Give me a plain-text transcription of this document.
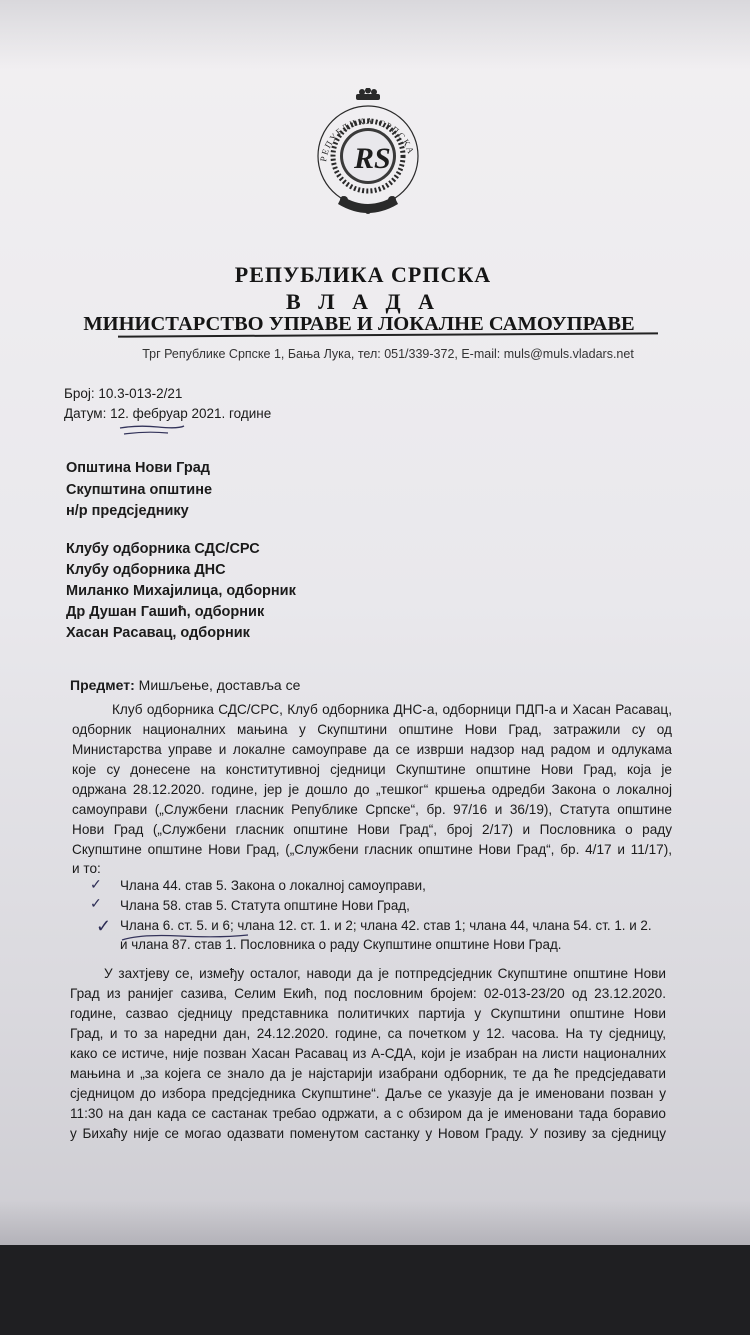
РЕПУБЛИКА СРПСКА
RS
РЕПУБЛИКА СРПСКА
В Л А Д А
МИНИСТАРСТВО УПРАВЕ И ЛОКАЛНЕ САМОУПРАВЕ
Трг Републике Српске 1, Бања Лука, тел: 051/339-372, E-mail: muls@muls.vladars.net
Број: 10.3-013-2/21
Датум: 12. фебруар 2021. године
Општина Нови Град
Скупштина општине
н/р предсједнику
Клубу одборника СДС/СРС
Клубу одборника ДНС
Миланко Михајилица, одборник
Др Душан Гашић, одборник
Хасан Расавац, одборник
Предмет: Мишљење, доставља се
Клуб одборника СДС/СРС, Клуб одборника ДНС-а, одборници ПДП-а и Хасан Расавац,
одборник националних мањина у Скупштини општине Нови Град, затражили су од
Министарства управе и локалне самоуправе да се изврши надзор над радом и одлукама
које су донесене на конститутивној сједници Скупштине општине Нови Град, која је
одржана 28.12.2020. године, јер је дошло до „тешког“ кршења одредби Закона о локалној
самоуправи („Службени гласник Републике Српске“, бр. 97/16 и 36/19), Статута општине
Нови Град („Службени гласник општине Нови Град“, број 2/17) и Пословника о раду
Скупштине општине Нови Град, („Службени гласник општине Нови Град“, бр. 4/17 и 11/17),
и то:
✓
✓
✓
Члана 44. став 5. Закона о локалној самоуправи,
Члана 58. став 5. Статута општине Нови Град,
Члана 6. ст. 5. и 6; члана 12. ст. 1. и 2; члана 42. став 1; члана 44, члана 54. ст. 1. и 2.
и члана 87. став 1. Пословника о раду Скупштине општине Нови Град.
У захтјеву се, између осталог, наводи да је потпредсједник Скупштине општине Нови
Град из ранијег сазива, Селим Екић, под пословним бројем: 02-013-23/20 од 23.12.2020.
године, сазвао сједницу представника политичких партија у Скупштини општине Нови
Град, и то за наредни дан, 24.12.2020. године, са почетком у 12. часова. На ту сједницу,
како се истиче, није позван Хасан Расавац из А-СДА, који је изабран на листи националних
мањина и „за којега се знало да је најстарији изабрани одборник, те да ће предсједавати
сједницом до избора предсједника Скупштине“. Даље се указује да је именовани позван у
11:30 на дан када се састанак требао одржати, а с обзиром да је именовани тада боравио
у Бихаћу није се могао одазвати поменутом састанку у Новом Граду. У позиву за сједницу
